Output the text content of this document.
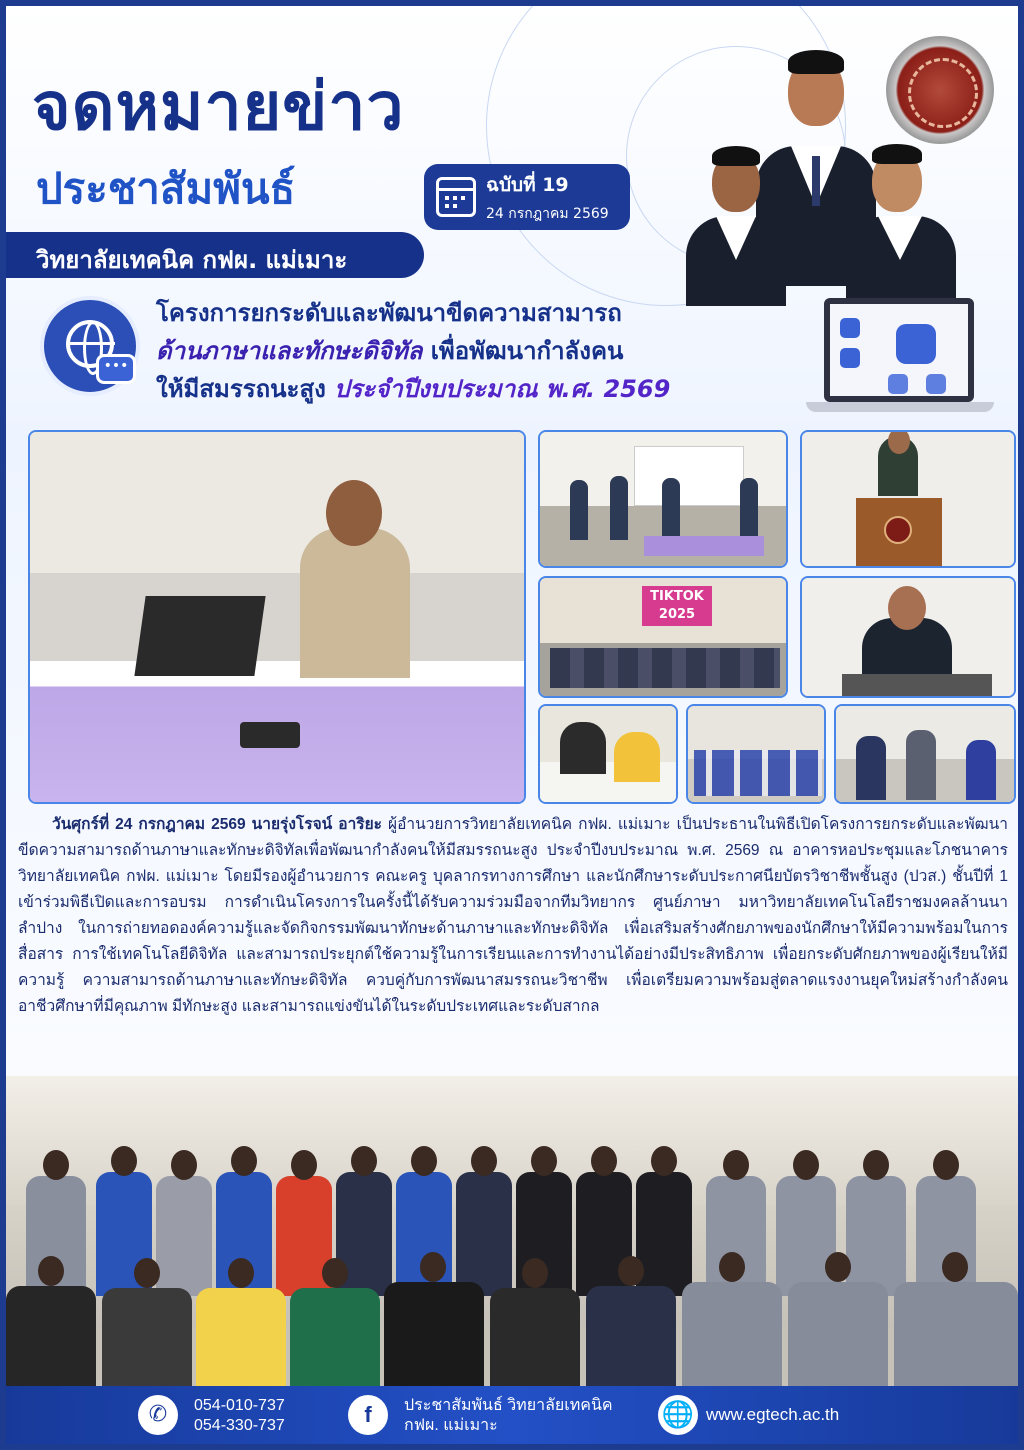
จดหมายข่าว
ประชาสัมพันธ์	ฉบับที่ 19
24 กรกฎาคม 2569
วิทยาลัยเทคนิค กฟผ. แม่เมาะ
•••
โครงการยกระดับและพัฒนาขีดความสามารถ
ด้านภาษาและทักษะดิจิทัล เพื่อพัฒนากำลังคน
ให้มีสมรรถนะสูง ประจำปีงบประมาณ พ.ศ. 2569
TIKTOK
2025
วันศุกร์ที่ 24 กรกฎาคม 2569 นายรุ่งโรจน์ อาริยะ ผู้อำนวยการวิทยาลัยเทคนิค กฟผ. แม่เมาะ เป็นประธานในพิธีเปิดโครงการยกระดับและพัฒนาขีดความสามารถด้านภาษาและทักษะดิจิทัลเพื่อพัฒนากำลังคนให้มีสมรรถนะสูง ประจำปีงบประมาณ พ.ศ. 2569 ณ อาคารหอประชุมและโภชนาคาร วิทยาลัยเทคนิค กฟผ. แม่เมาะ โดยมีรองผู้อำนวยการ คณะครู บุคลากรทางการศึกษา และนักศึกษาระดับประกาศนียบัตรวิชาชีพชั้นสูง (ปวส.) ชั้นปีที่ 1 เข้าร่วมพิธีเปิดและการอบรม การดำเนินโครงการในครั้งนี้ได้รับความร่วมมือจากทีมวิทยากร ศูนย์ภาษา มหาวิทยาลัยเทคโนโลยีราชมงคลล้านนา ลำปาง ในการถ่ายทอดองค์ความรู้และจัดกิจกรรมพัฒนาทักษะด้านภาษาและทักษะดิจิทัล เพื่อเสริมสร้างศักยภาพของนักศึกษาให้มีความพร้อมในการสื่อสาร การใช้เทคโนโลยีดิจิทัล และสามารถประยุกต์ใช้ความรู้ในการเรียนและการทำงานได้อย่างมีประสิทธิภาพ เพื่อยกระดับศักยภาพของผู้เรียนให้มีความรู้ ความสามารถด้านภาษาและทักษะดิจิทัล ควบคู่กับการพัฒนาสมรรถนะวิชาชีพ เพื่อเตรียมความพร้อมสู่ตลาดแรงงานยุคใหม่สร้างกำลังคนอาชีวศึกษาที่มีคุณภาพ มีทักษะสูง และสามารถแข่งขันได้ในระดับประเทศและระดับสากล
✆	054-010-737
054-330-737	f	ประชาสัมพันธ์ วิทยาลัยเทคนิค
กฟผ. แม่เมาะ	🌐 www.egtech.ac.th
